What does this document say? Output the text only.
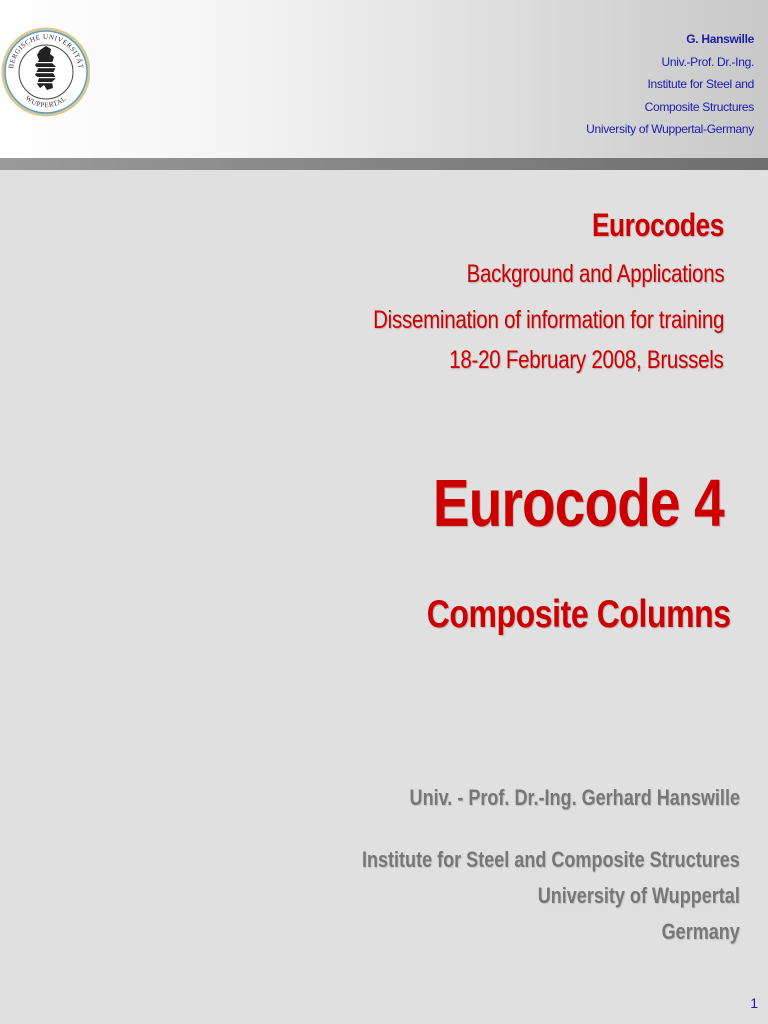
BERGISCHE UNIVERSITÄT
WUPPERTAL
G. Hanswille
Univ.-Prof. Dr.-Ing.
Institute for Steel and
Composite Structures
University of Wuppertal-Germany
Eurocodes
Background and Applications
Dissemination of information for training
18-20 February 2008, Brussels
Eurocode 4
Composite Columns
Univ. - Prof. Dr.-Ing. Gerhard Hanswille
Institute for Steel and Composite Structures
University of Wuppertal
Germany
1
